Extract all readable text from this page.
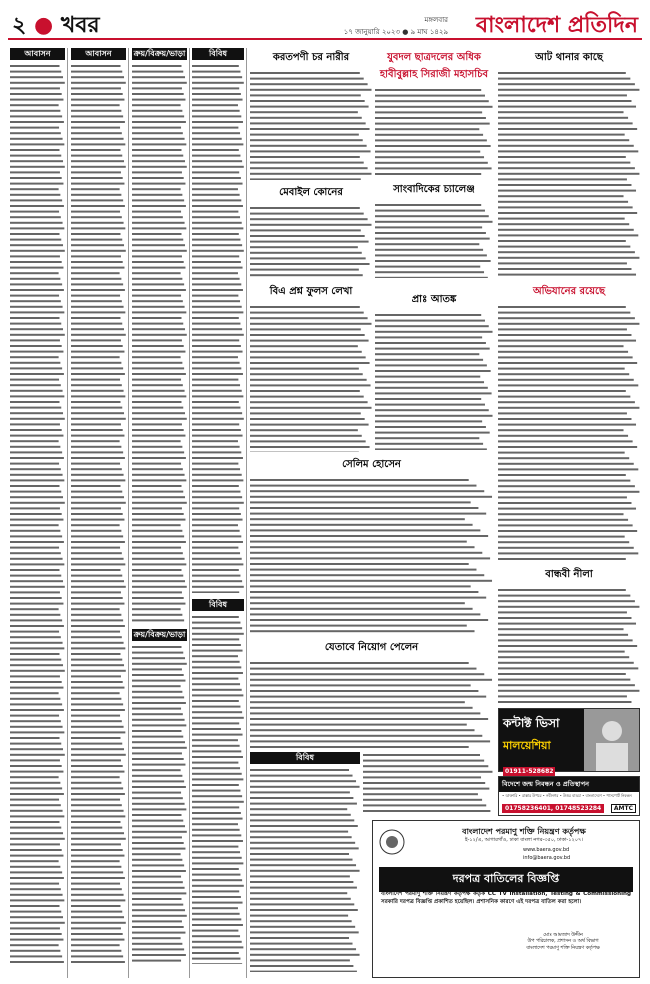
২ ● খবর	মঙ্গলবার
১৭ জানুয়ারি ২০২৩ ● ৯ মাঘ ১৪২৯ বাংলাদেশ প্রতিদিন
আবাসন	আবাসন	ক্রয়/বিক্রয়/ভাড়া
ক্রয়/বিক্রয়/ভাড়া
বিবিধ
বিবিধ
করতপণী চর নারীর
মেবাইল কোনের
যুবদল ছাত্রদলের অধিক হাবীবুল্লাহ সিরাজী মহাসচিব
সাংবাদিকের চ্যালেঞ্জ
আট থানার কাছে
বিএ প্রশ্ন ফুলস লেখা	অভিযানের রয়েছে
সেলিম হোসেন
প্রাঃ আতঙ্ক
বান্ধবী নীলা
যেতাবে নিয়োগ পেলেন
বিবিধ
কন্টাক্ট ভিসা
মালয়েশিয়া
01911-528682
বিদেশে জন্ম নিবন্ধন ও প্রতিস্থাপন
• ডাক্তারি • রাস্তার উপরে • নবীনগর • উত্তর বাড্ডা • বাংলাদেশে • পাসপোর্ট নিবন্ধন
01758236401, 01748523284	AMTC
বাংলাদেশ পরমাণু শক্তি নিয়ন্ত্রণ কর্তৃপক্ষ
ই-১২/এ, আগারগাঁও, ঢাকা বাংলা নগর-৩৫০, ঢাকা-১২০৭।
www.baera.gov.bd
info@baera.gov.bd
দরপত্র বাতিলের বিজ্ঞপ্তি
বাংলাদেশ পরমাণু শক্তি নিয়ন্ত্রণ কর্তৃপক্ষ কর্তৃক CC TV Installation, Testing & Commissioning সরকারি দরপত্র বিজ্ঞপ্তি প্রকাশিত হয়েছিল। প্রশাসনিক কারণে এই দরপত্র বাতিল করা হলো।
মোঃ আমজাদ উদ্দীন
উপ পরিচালক, প্রশাসন ও অর্থ বিভাগ
বাংলাদেশ পরমাণু শক্তি নিয়ন্ত্রণ কর্তৃপক্ষ
